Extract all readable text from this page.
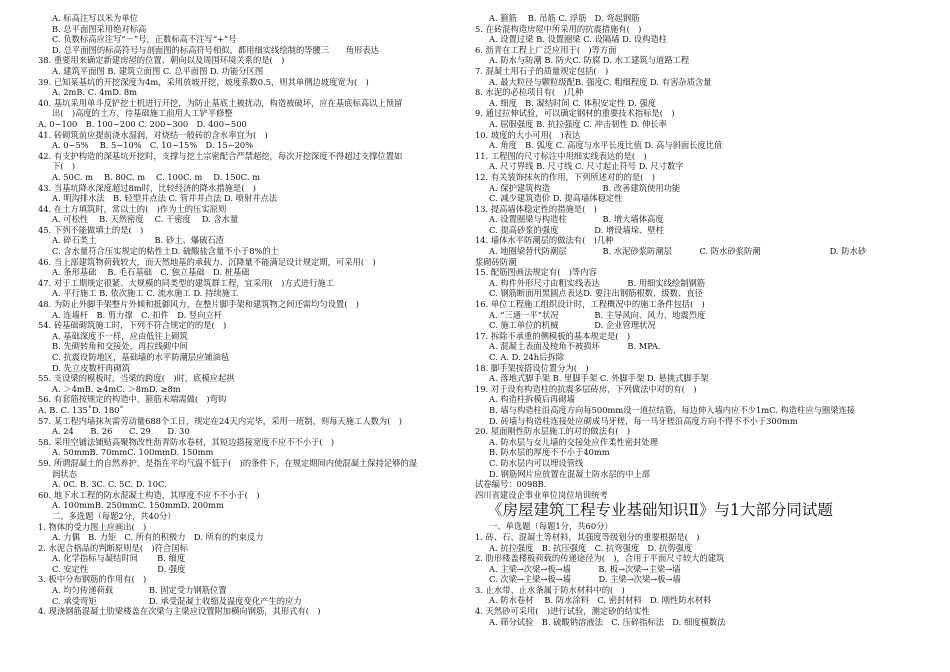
A. 标高注写以米为单位
B. 总平面图采用绝对标高
C. 负数标高应注写“－”号，正数标高不注写“+”号
D. 总平面图的标高符号与剖面图的标高符号相似，都用细实线绘制的等腰三　　角形表达
38. 重要用来确定新建房屋的位置、朝向以及周围环境关系的是(　)
A. 建筑平面图 B. 建筑立面图 C. 总平面图 D. 功能分区图
39. 已知某基坑的开挖深度为4m，采用放坡开挖，坡度系数0.5，则其单侧边坡度宽为(　)
A. 2mB. C. 4mD. 8m
40. 基坑采用单斗反铲挖土机进行开挖，为防止基底土被扰动，构造被破坏，应在基底标高以上预留
出(　)高度的土方，待基础施工前用人工铲平修整
A. 0~100　B. 100~200 C. 200~300　D. 400~500
41. 砖砌筑前应提前浇水湿润，对烧结一般砖的含水率宜为(　)
A. 0~5%　 B. 5~10%　C. 10~15%　D. 15~20%
42. 有支护构造的深基坑开挖时，支撑与挖土宗密配合严禁超挖，每次开挖深度不得超过支撑位置如
下(　)
A. 50C. m　 B. 80C. m　 C. 100C. m　 D. 150C. m
43. 当基坑降水深度超过8m时，比较经济的降水措施是(　)
A. 明沟排水法　B. 轻型井点法 C. 管井井点法 D. 喷射井点法
44. 在土方填筑时，常以土的(　)作为土的压实原则
A. 可松性　 B. 天然密度　 C. 干密度　 D. 含水量
45. 下列不能做填土的是(　)
A. 碎石类土　　　　　　　B. 砂土、爆破石渣
C. 含水量符合压实规定的粘性土D. 硫酸盐含量不小于8%的土
46. 当上部建筑物荷载较大，而天然地基的承载力、沉降量不能满足设计规定期，可采用(　)
A. 条形基础　 B. 毛石基础　C. 独立基础　D. 桩基础
47. 对于工期规定很紧、大规模的同类型的建筑群工程，宜采用(　)方式进行施工
A. 平行施工 B. 依次施工 C. 流水施工 D. 持续施工
48. 为防止外脚手架整片外倾和抵御风力，在整片脚手架和建筑物之间还需均匀设置(　)
A. 连墙杆　B. 剪力撑　C. 扣件　D. 竖向立杆
54. 砖基础砌筑施工时，下列不符合规定的的是(　)
A. 基础深度不一样，应由低往上砌筑
B. 先砌转角和交接处，再拉线砌中间
C. 抗震设防地区，基础墙的水平防潮层应铺油毡
D. 先立皮数杆再砌筑
55. 支设梁的模板时，当梁的跨度(　)时，底模应起拱
A. ＞4mB. ≥4mC. ＞8mD. ≥8m
56. 有套筋按规定的构造中，箍筋末端需做(　)弯钩
A. B. C. 135˚D. 180˚
57. 某工程内墙抹灰需劳动量688个工日，规定在24天内完毕，采用一班制，则每天施工人数为(　)
A. 24　　B. 26　　C. 29　　D. 30
58. 采用空铺法铺贴高聚物改性沥青防水卷材，其短边搭接宽度不应不不小于(　)
A. 50mmB. 70mmC. 100mmD. 150mm
59. 所谓混凝土的自然养护，是指在平均气温不低于(　)的条件下，在规定期间内使混凝土保持足够的湿
润状态
A. 0C. B. 3C. C. 5C. D. 10C.
60. 地下水工程的防水混凝土构造，其厚度不应不不小于(　)
A. 100mmB. 250mmC. 150mmD. 200mm
二、多选题（每题2分，共40分）
1. 物体的受力图上应画出(　)
A. 力偶　B. 力矩　C. 所有的积极力　D. 所有的约束反力
2. 水泥合格品的判断原则是(　)符合国标
A. 化学指标与凝结时间　　 B. 细度
C. 安定性　　　　　　　　 D. 强度
3. 板中分布钢筋的作用有(　)
A. 均匀传递荷载　　　　 B. 固定受力钢筋位置
C. 承受弯矩　　　　　　 D. 承受混凝土收缩及温度变化产生的应力
4. 现浇钢筋混凝土肋梁楼盖在次梁与主梁应设置附加横向钢筋，其形式有(　)
A. 箍筋　 B. 吊筋 C. 浮筋　D. 弯起钢筋
5. 在砖混构造房屋中所采用的抗震措施有(　)
A. 设置过梁 B. 设置圈梁 C. 设隔墙 D. 设构造柱
6. 沥青在工程上广泛应用于(　)等方面
A. 防水与防潮 B. 防火C. 防腐 D. 水工建筑与道路工程
7. 混凝土用石子的质量规定包括(　)
A. 最大粒径与颗粒级配B. 强度C. 粗细程度 D. 有害杂质含量
8. 水泥的必检项目有(　)几种
A. 细度　B. 凝结时间 C. 体积安定性 D. 强度
9. 通过拉伸试验，可以确定钢材的重要技术指标是(　)
A. 屈服强度 B. 抗拉强度 C. 冲击韧性 D. 伸长率
10. 坡度的大小可用(　)表达
A. 角度　B. 弧度 C. 高度与水平长度比值 D. 高与斜面长度比值
11. 工程图的尺寸标注中用细实线表达的是(　)
A. 尺寸界线 B. 尺寸线 C. 尺寸起止符号 D. 尺寸数字
12. 有关装饰抹灰的作用，下列所述对的的是(　)
A. 保护建筑构造　　　　　　 B. 改善建筑使用功能
C. 减少建筑造价 D. 提高墙体稳定性
13. 提高墙体稳定性的措施是(　)
A. 设置圈梁与构造柱　　　　 B. 增大墙体高度
C. 提高砂浆的强度　　　　 D. 增设墙垛、壁柱
14. 墙体水平防潮层的做法有(　)几种
A. 地圈梁替代防潮层　　　　 B. 水泥砂浆防潮层　　　 C. 防水砂浆防潮　　　　　　　　 D. 防水砂
浆砌砖防潮
15. 配筋图画法规定有(　)等内容
A. 构件外形尺寸由粗实线表达　　　 B. 用细实线绘制钢筋
C. 钢筋断面用黑圆点表达D. 要注出钢筋根数、级数、直径
16. 单位工程施工组织设计时，工程概况中的施工条件包括(　)
A. “三通一平”状况　　　　 B. 主导风向、风力、地震烈度
C. 施工单位的机械　　　　 D. 企业管理状况
17. 拆除不承重的侧模板的基本规定是(　)
A. 混凝土表面及棱角不被损坏　　　 B. MPA.
C. A. D. 24h后拆除
18. 脚手架按搭设位置分为(　)
A. 落地式脚手架 B. 里脚手架 C. 外脚手架 D. 悬挑式脚手架
19. 对于设有构造柱的抗震多层砖房，下列做法中对的有(　)
A. 构造柱拆模后再砌墙
B. 墙与构造柱沿高度方向每500mm设一道拉结筋，每边伸入墙内应不少1mC. 构造柱应与圈梁连接
D. 砖墙与构造柱连接处应砌成马牙槎，每一马牙槎沿高度方向不得不不小于300mm
20. 屋面刚性防水层施工的对的做法有(　)
A. 防水层与女儿墙的交接处应作柔性密封处理
B. 防水层的厚度不不小于40mm
C. 防水层内可以埋设管线
D. 钢筋网片应放置在混凝土防水层的中上部
试卷编号：0098B.
四川省建设企事业单位岗位培训统考
《房屋建筑工程专业基础知识Ⅱ》与1大部分同试题
一、单选题（每题1分，共60分）
1. 砖、石、混凝土等材料，其强度等级划分的重要根据是(　)
A. 抗拉强度　B. 抗压强度　C. 抗弯强度　D. 抗剪强度
2. 肋形楼盖楼板荷载的传递途径为(　)，合用于平面尺寸较大的建筑
A. 主梁→次梁→板→墙　　　 B. 板→次梁→主梁→墙
C. 次梁→主梁→板→墙　　　 D. 主梁→次梁→板→墙
3. 止水带、止水条属于防水材料中的(　)
A. 防水卷材　 B. 防水涂料　C. 密封材料　D. 刚性防水材料
4. 天然砂可采用(　)进行试验，测定砂的结实性
A. 筛分试验　B. 硫酸钠溶液法　C. 压碎指标法　D. 细度模数法
